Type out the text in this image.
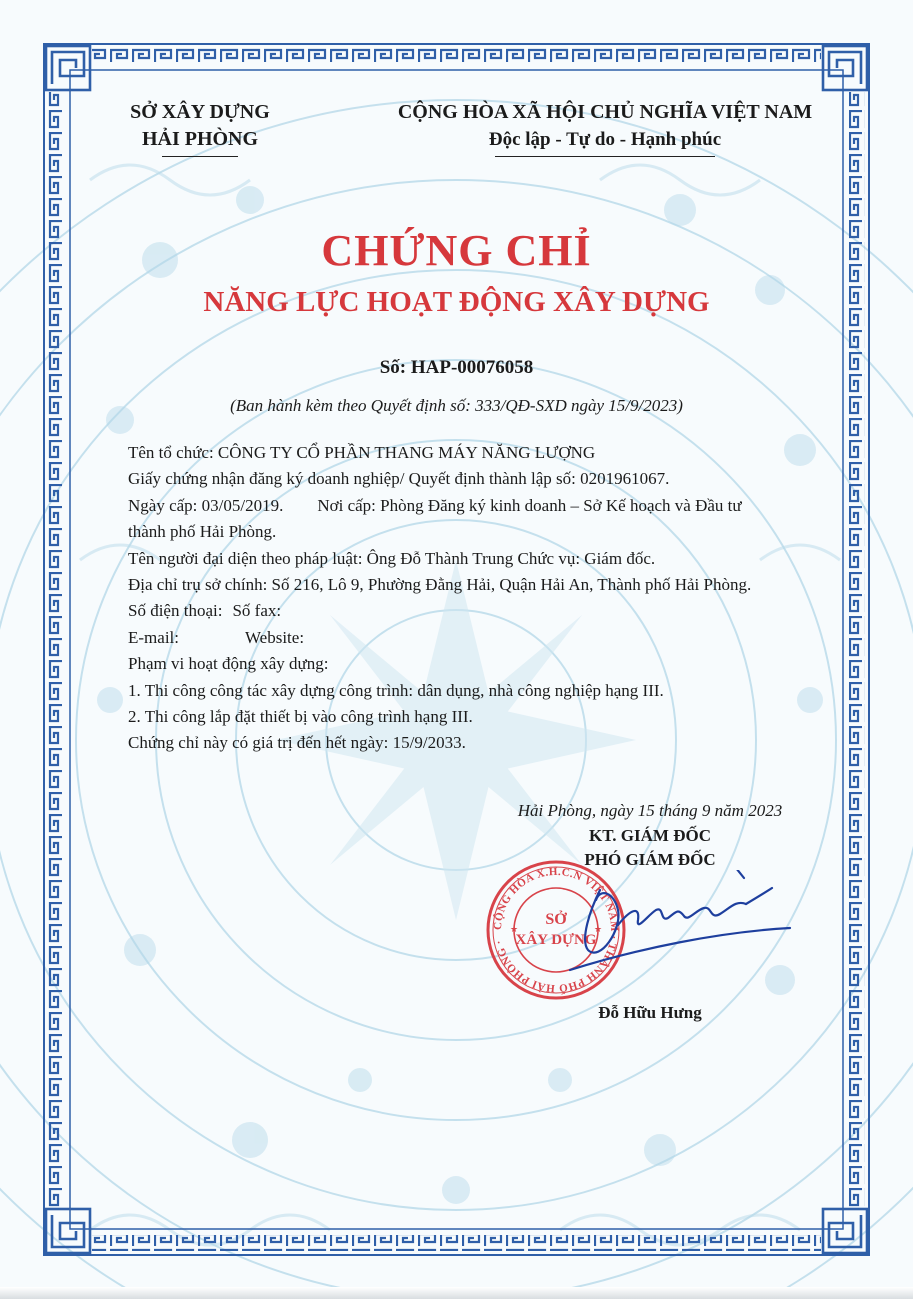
SỞ XÂY DỰNG
HẢI PHÒNG
CỘNG HÒA XÃ HỘI CHỦ NGHĨA VIỆT NAM
Độc lập - Tự do - Hạnh phúc
CHỨNG CHỈ
NĂNG LỰC HOẠT ĐỘNG XÂY DỰNG
Số: HAP-00076058
(Ban hành kèm theo Quyết định số: 333/QĐ-SXD ngày 15/9/2023)

Tên tổ chức: CÔNG TY CỔ PHẦN THANG MÁY NĂNG LƯỢNG

Giấy chứng nhận đăng ký doanh nghiệp/ Quyết định thành lập số: 0201961067.

Ngày cấp: 03/05/2019. Nơi cấp: Phòng Đăng ký kinh doanh – Sở Kế hoạch và Đầu tư

thành phố Hải Phòng.

Tên người đại diện theo pháp luật: Ông Đỗ Thành Trung Chức vụ: Giám đốc.

Địa chỉ trụ sở chính: Số 216, Lô 9, Phường Đằng Hải, Quận Hải An, Thành phố Hải Phòng.

Số điện thoại: Số fax:

E-mail:	Website:

Phạm vi hoạt động xây dựng:

1. Thi công công tác xây dựng công trình: dân dụng, nhà công nghiệp hạng III.

2. Thi công lắp đặt thiết bị vào công trình hạng III.

Chứng chỉ này có giá trị đến hết ngày: 15/9/2033.

Hải Phòng, ngày 15 tháng 9 năm 2023
KT. GIÁM ĐỐC
PHÓ GIÁM ĐỐC
CỘNG HÒA X.H.C.N VIỆT NAM · THÀNH PHỐ HẢI PHÒNG ·
SỞ
XÂY DỰNG
★	★
Đỗ Hữu Hưng
